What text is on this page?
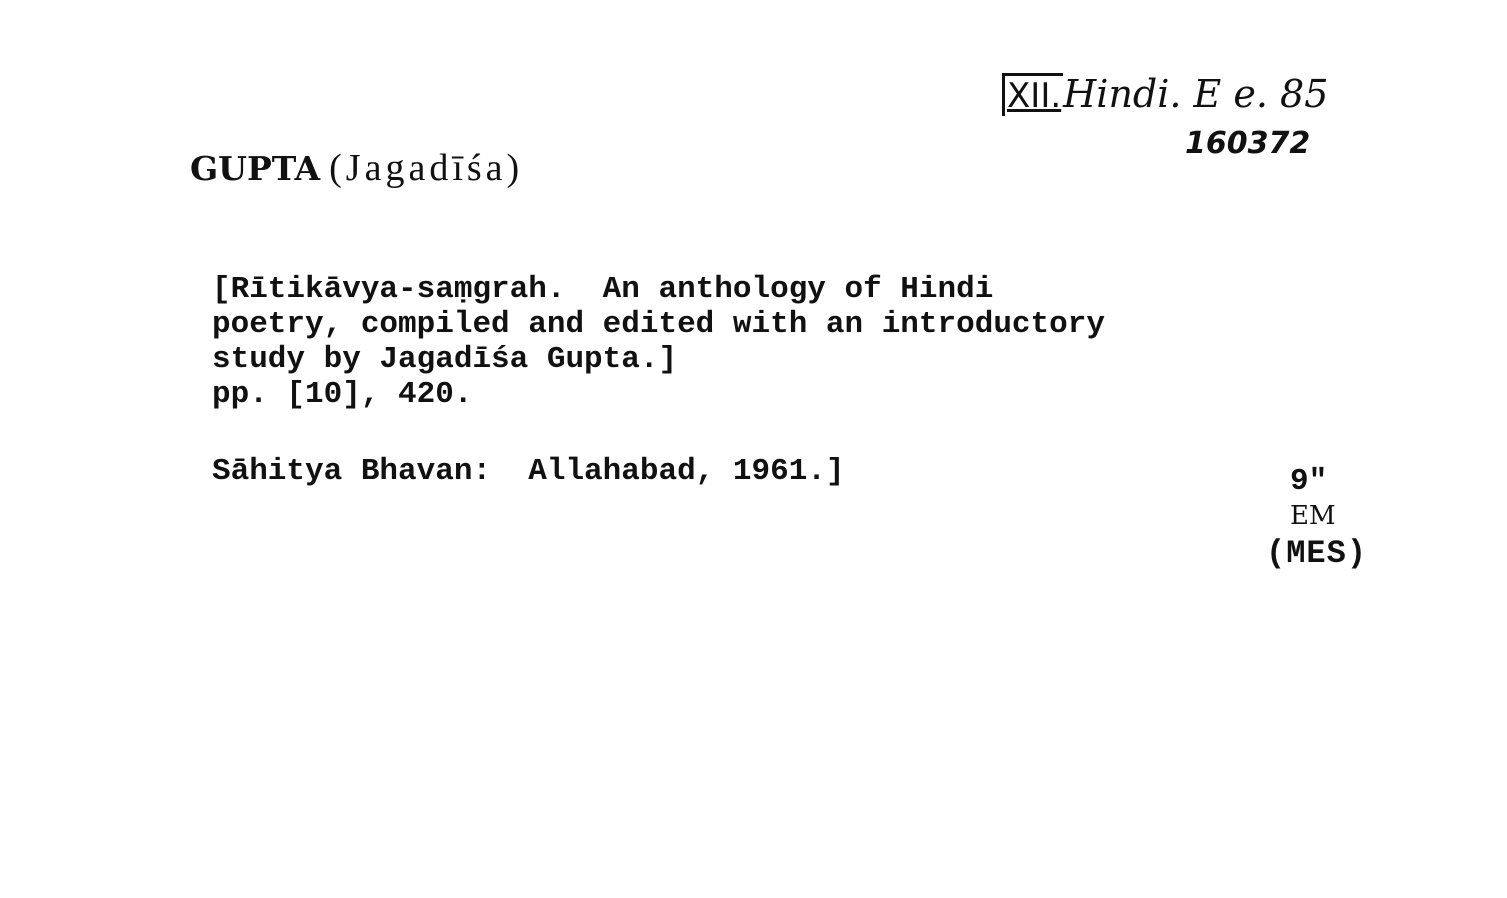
XII.Hindi. E e. 85
160372
GUPTA (Jagadīśa)
[Rītikāvya-saṃgrah.  An anthology of Hindi
poetry, compiled and edited with an introductory
study by Jagadīśa Gupta.]
pp. [10], 420.
Sāhitya Bhavan:  Allahabad, 1961.]	9"
EM
(MES)
